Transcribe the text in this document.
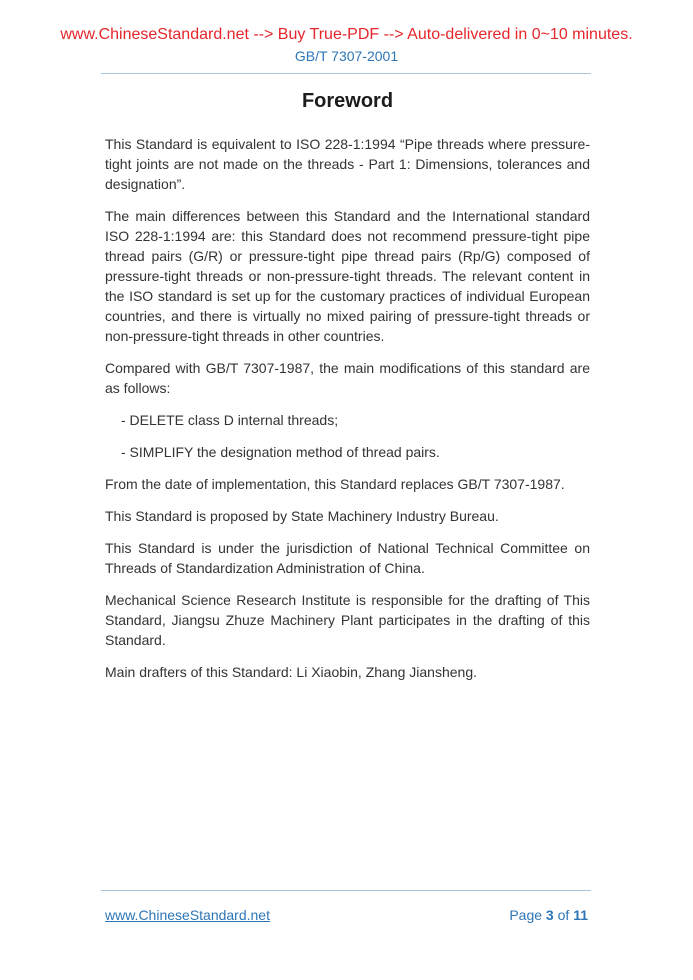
www.ChineseStandard.net --> Buy True-PDF --> Auto-delivered in 0~10 minutes.
GB/T 7307-2001
Foreword

This Standard is equivalent to ISO 228-1:1994 “Pipe threads where pressure-tight joints are not made on the threads - Part 1: Dimensions, tolerances and designation”.

The main differences between this Standard and the International standard ISO 228-1:1994 are: this Standard does not recommend pressure-tight pipe thread pairs (G/R) or pressure-tight pipe thread pairs (Rp/G) composed of pressure-tight threads or non-pressure-tight threads. The relevant content in the ISO standard is set up for the customary practices of individual European countries, and there is virtually no mixed pairing of pressure-tight threads or non-pressure-tight threads in other countries.

Compared with GB/T 7307-1987, the main modifications of this standard are as follows:

- DELETE class D internal threads;

- SIMPLIFY the designation method of thread pairs.

From the date of implementation, this Standard replaces GB/T 7307-1987.

This Standard is proposed by State Machinery Industry Bureau.

This Standard is under the jurisdiction of National Technical Committee on Threads of Standardization Administration of China.

Mechanical Science Research Institute is responsible for the drafting of This Standard, Jiangsu Zhuze Machinery Plant participates in the drafting of this Standard.

Main drafters of this Standard: Li Xiaobin, Zhang Jiansheng.

www.ChineseStandard.net	Page 3 of 11
